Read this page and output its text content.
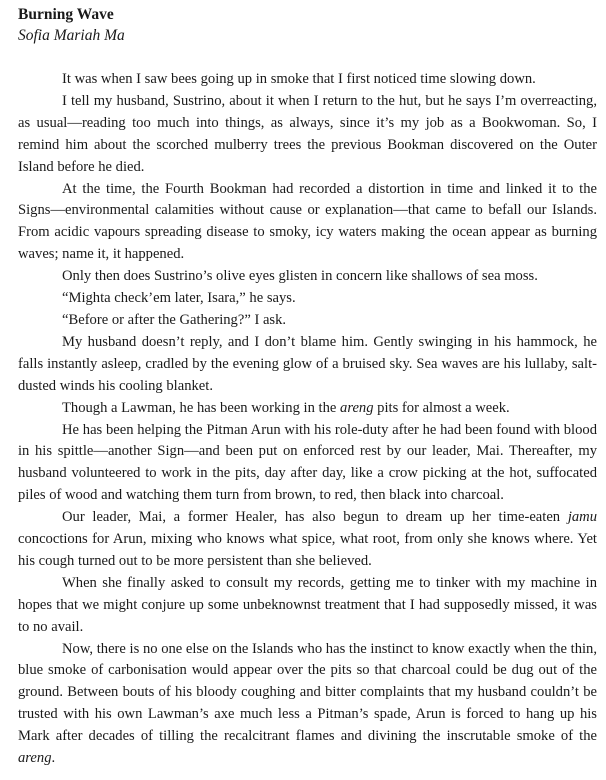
Burning Wave
Sofia Mariah Ma

It was when I saw bees going up in smoke that I first noticed time slowing down.

I tell my husband, Sustrino, about it when I return to the hut, but he says I’m overreacting, as usual—reading too much into things, as always, since it’s my job as a Bookwoman. So, I remind him about the scorched mulberry trees the previous Bookman discovered on the Outer Island before he died.

At the time, the Fourth Bookman had recorded a distortion in time and linked it to the Signs—environmental calamities without cause or explanation—that came to befall our Islands. From acidic vapours spreading disease to smoky, icy waters making the ocean appear as burning waves; name it, it happened.

Only then does Sustrino’s olive eyes glisten in concern like shallows of sea moss.

“Mighta check’em later, Isara,” he says.

“Before or after the Gathering?” I ask.

My husband doesn’t reply, and I don’t blame him. Gently swinging in his hammock, he falls instantly asleep, cradled by the evening glow of a bruised sky. Sea waves are his lullaby, salt-dusted winds his cooling blanket.

Though a Lawman, he has been working in the areng pits for almost a week.

He has been helping the Pitman Arun with his role-duty after he had been found with blood in his spittle—another Sign—and been put on enforced rest by our leader, Mai. Thereafter, my husband volunteered to work in the pits, day after day, like a crow picking at the hot, suffocated piles of wood and watching them turn from brown, to red, then black into charcoal.

Our leader, Mai, a former Healer, has also begun to dream up her time-eaten jamu concoctions for Arun, mixing who knows what spice, what root, from only she knows where. Yet his cough turned out to be more persistent than she believed.

When she finally asked to consult my records, getting me to tinker with my machine in hopes that we might conjure up some unbeknownst treatment that I had supposedly missed, it was to no avail.

Now, there is no one else on the Islands who has the instinct to know exactly when the thin, blue smoke of carbonisation would appear over the pits so that charcoal could be dug out of the ground. Between bouts of his bloody coughing and bitter complaints that my husband couldn’t be trusted with his own Lawman’s axe much less a Pitman’s spade, Arun is forced to hang up his Mark after decades of tilling the recalcitrant flames and divining the inscrutable smoke of the areng.
